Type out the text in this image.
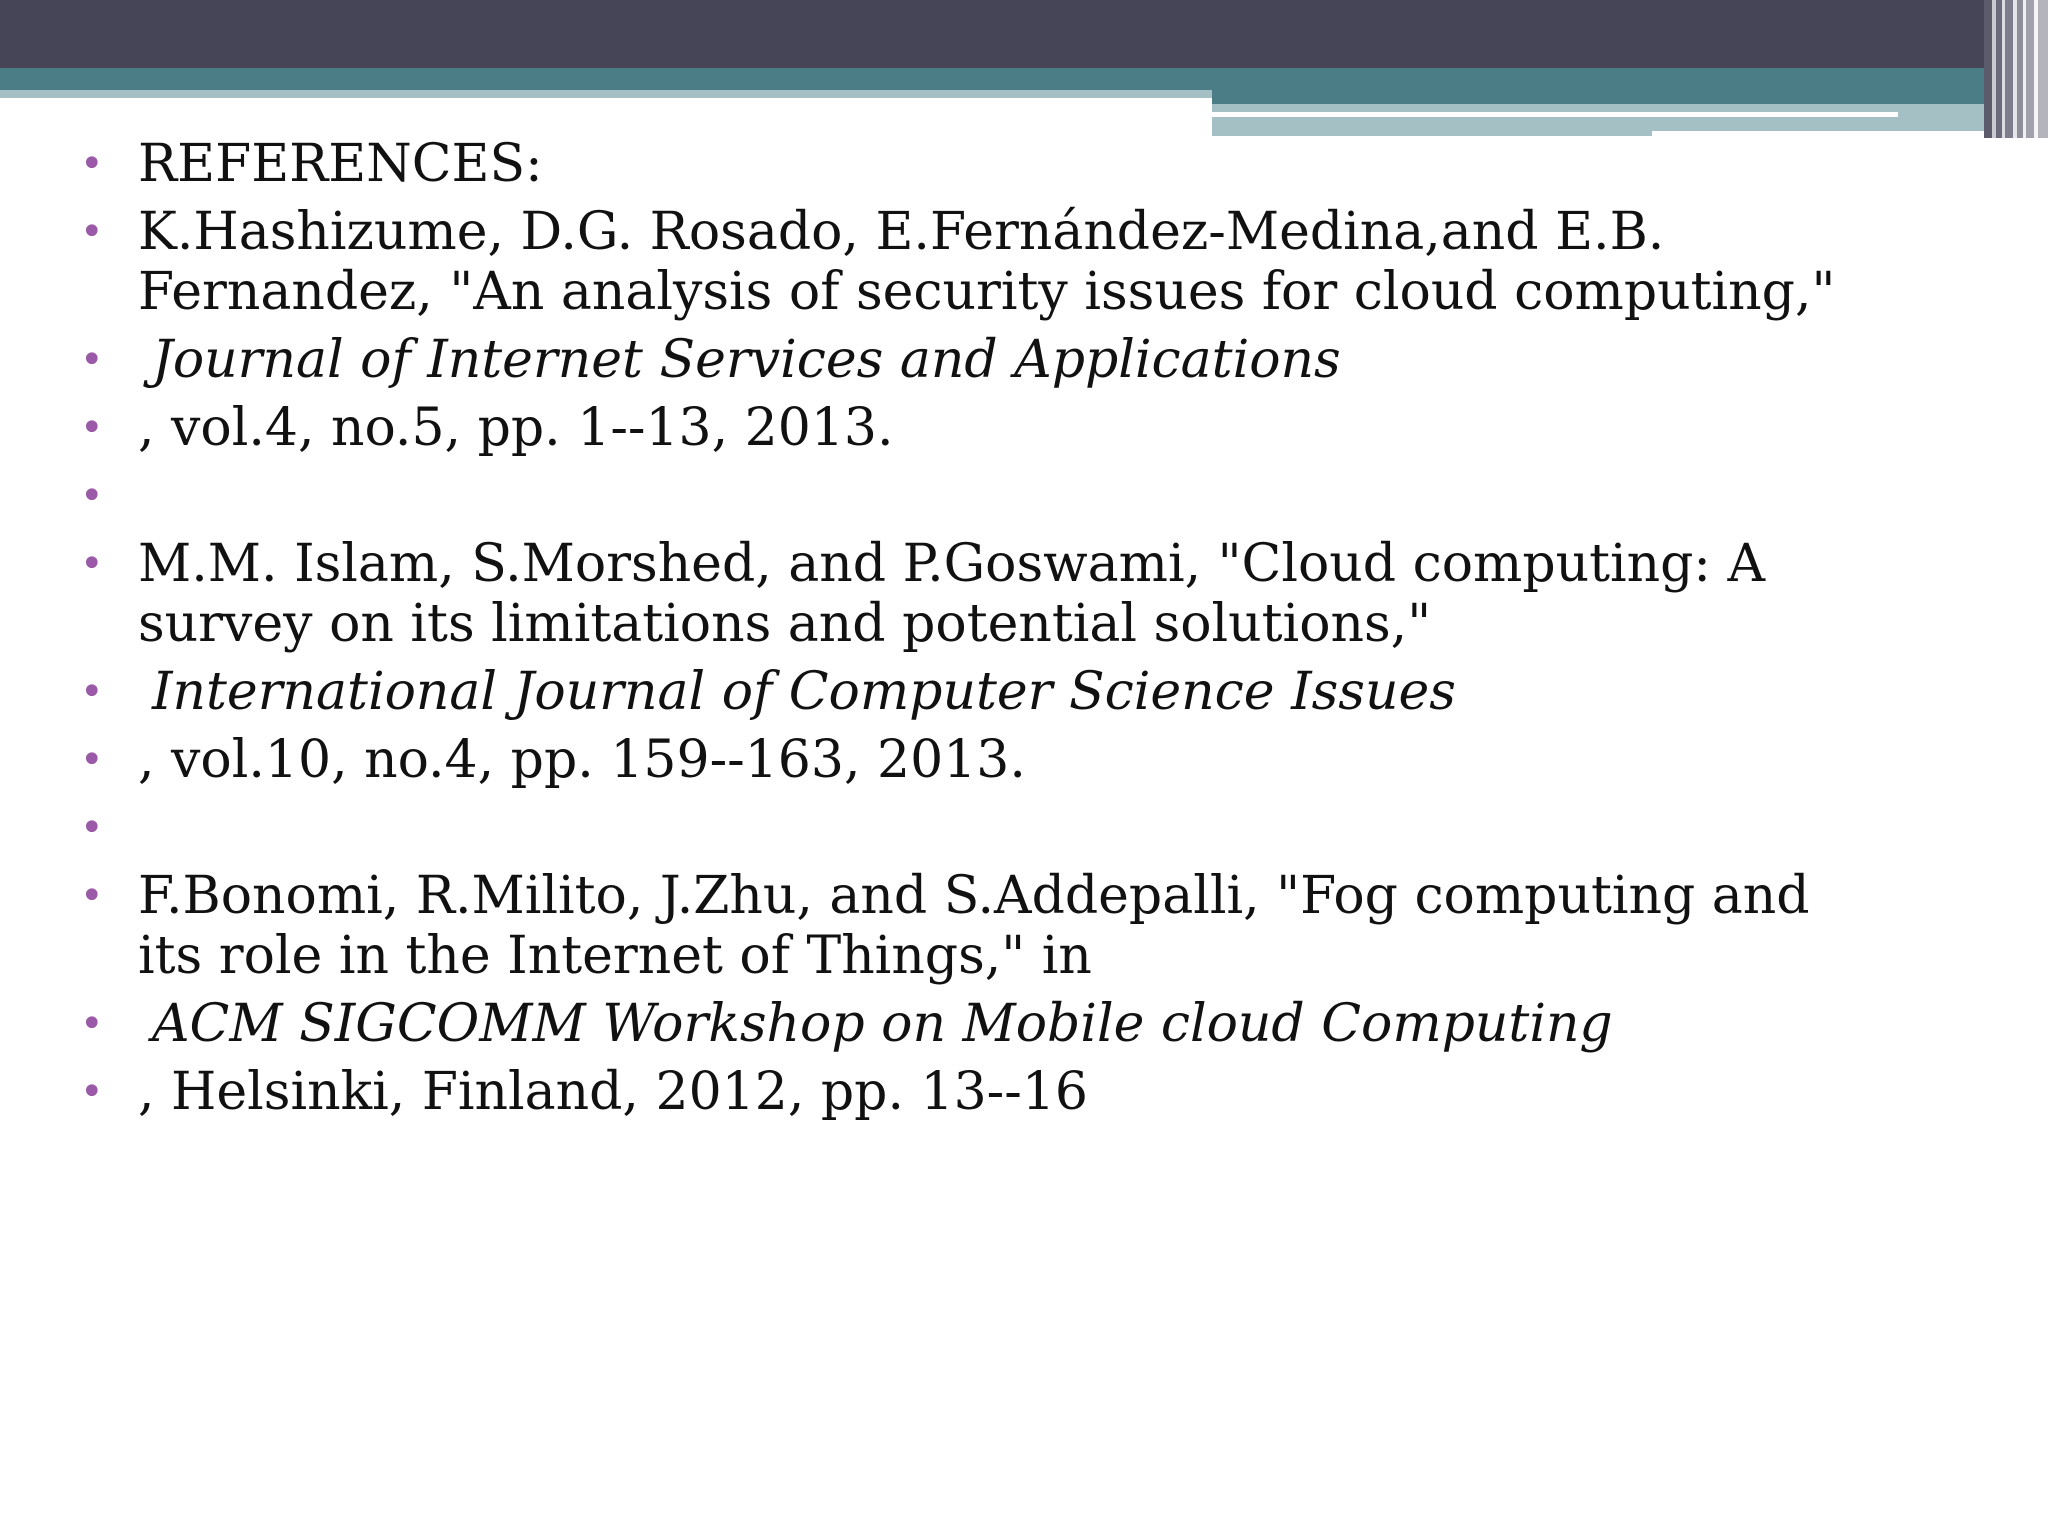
• REFERENCES:
• K.Hashizume, D.G. Rosado, E.Fernández-Medina,and E.B. Fernandez, "An analysis of security issues for cloud computing,"
• Journal of Internet Services and Applications
• , vol.4, no.5, pp. 1--13, 2013.
•
• M.M. Islam, S.Morshed, and P.Goswami, "Cloud computing: A survey on its limitations and potential solutions,"
• International Journal of Computer Science Issues
• , vol.10, no.4, pp. 159--163, 2013.
•
• F.Bonomi, R.Milito, J.Zhu, and S.Addepalli, "Fog computing and its role in the Internet of Things," in
• ACM SIGCOMM Workshop on Mobile cloud Computing
• , Helsinki, Finland, 2012, pp. 13--16
